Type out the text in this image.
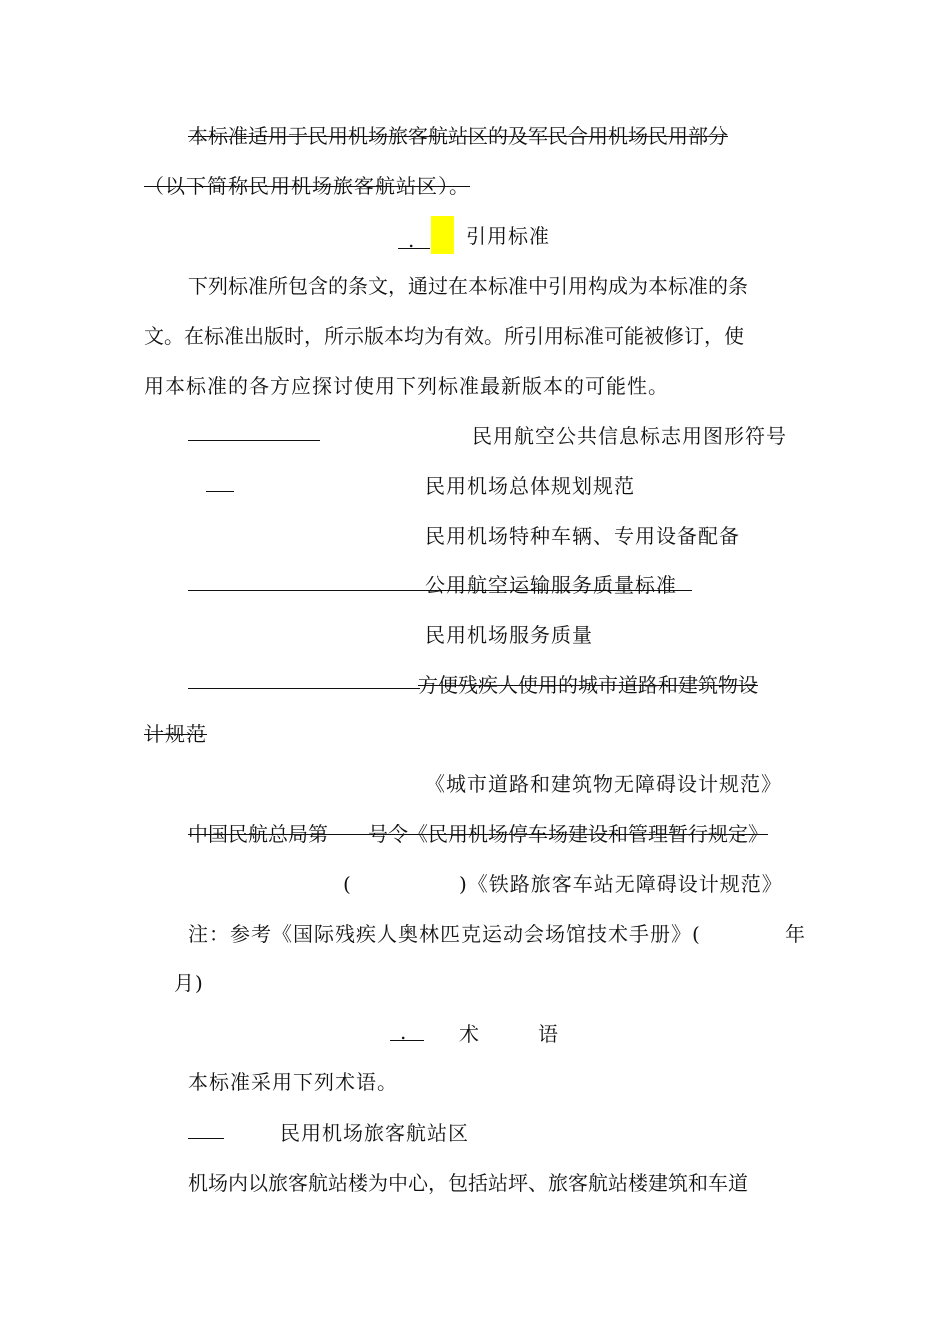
本标准适用于民用机场旅客航站区的及军民合用机场民用部分
（以下简称民用机场旅客航站区）。
.	引用标准
下列标准所包含的条文，通过在本标准中引用构成为本标准的条
文。在标准出版时，所示版本均为有效。所引用标准可能被修订，使
用本标准的各方应探讨使用下列标准最新版本的可能性。
民用航空公共信息标志用图形符号
民用机场总体规划规范
民用机场特种车辆、专用设备配备
公用航空运输服务质量标准
民用机场服务质量
方便残疾人使用的城市道路和建筑物设
计规范
《城市道路和建筑物无障碍设计规范》
中国民航总局第　　号令《民用机场停车场建设和管理暂行规定》
(	)《铁路旅客车站无障碍设计规范》
注：参考《国际残疾人奥林匹克运动会场馆技术手册》(	年
月)
.	术	语
本标准采用下列术语。
民用机场旅客航站区
机场内以旅客航站楼为中心，包括站坪、旅客航站楼建筑和车道
